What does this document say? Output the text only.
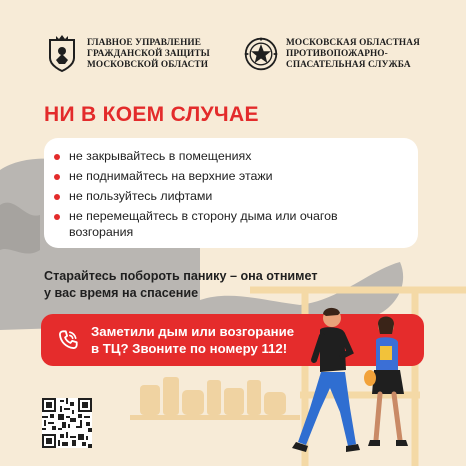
ГЛАВНОЕ УПРАВЛЕНИЕ
ГРАЖДАНСКОЙ ЗАЩИТЫ
МОСКОВСКОЙ ОБЛАСТИ
МОСКОВСКАЯ ОБЛАСТНАЯ
ПРОТИВОПОЖАРНО-
СПАСАТЕЛЬНАЯ СЛУЖБА
НИ В КОЕМ СЛУЧАЕ
не закрывайтесь в помещениях
не поднимайтесь на верхние этажи
не пользуйтесь лифтами
не перемещайтесь в сторону дыма или очагов возгорания
Старайтесь побороть панику – она отнимет
у вас время на спасение
Заметили дым или возгорание
в ТЦ? Звоните по номеру 112!
